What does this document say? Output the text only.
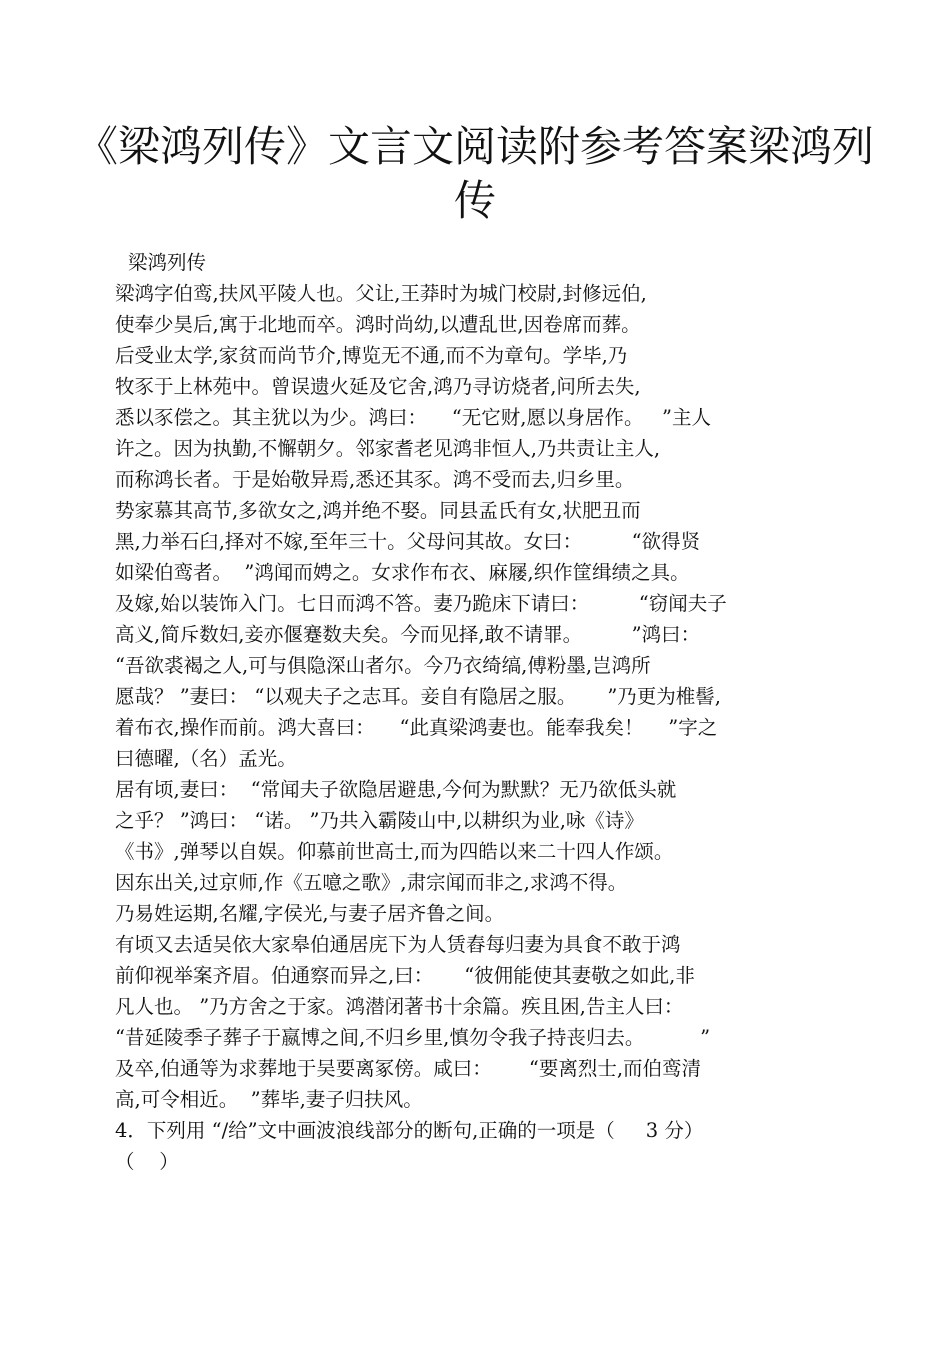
《梁鸿列传》文言文阅读附参考答案梁鸿列
传
梁鸿列传
梁鸿字伯鸾,扶风平陵人也。父让,王莽时为城门校尉,封修远伯,
使奉少昊后,寓于北地而卒。鸿时尚幼,以遭乱世,因卷席而葬。
后受业太学,家贫而尚节介,博览无不通,而不为章句。学毕,乃
牧豕于上林苑中。曾误遗火延及它舍,鸿乃寻访烧者,问所去失,
悉以豕偿之。其主犹以为少。鸿曰：    “无它财,愿以身居作。   ”主人
许之。因为执勤,不懈朝夕。邻家耆老见鸿非恒人,乃共责让主人,
而称鸿长者。于是始敬异焉,悉还其豕。鸿不受而去,归乡里。
势家慕其高节,多欲女之,鸿并绝不娶。同县孟氏有女,状肥丑而
黑,力举石臼,择对不嫁,至年三十。父母问其故。女曰：        “欲得贤
如梁伯鸾者。  ”鸿闻而娉之。女求作布衣、麻屦,织作筐缉绩之具。
及嫁,始以装饰入门。七日而鸿不答。妻乃跪床下请曰：        “窃闻夫子
高义,简斥数妇,妾亦偃蹇数夫矣。今而见择,敢不请罪。        ”鸿曰：
“吾欲裘褐之人,可与俱隐深山者尔。今乃衣绮缟,傅粉墨,岂鸿所
愿哉？ ”妻曰： “以观夫子之志耳。妾自有隐居之服。     ”乃更为椎髻,
着布衣,操作而前。鸿大喜曰：    “此真梁鸿妻也。能奉我矣！    ”字之
曰德曜,（名）孟光。
居有顷,妻曰：  “常闻夫子欲隐居避患,今何为默默？无乃欲低头就
之乎？ ”鸿曰： “诺。 ”乃共入霸陵山中,以耕织为业,咏《诗》
《书》,弹琴以自娱。仰慕前世高士,而为四皓以来二十四人作颂。
因东出关,过京师,作《五噫之歌》,肃宗闻而非之,求鸿不得。
乃易姓运期,名耀,字侯光,与妻子居齐鲁之间。
有顷又去适吴依大家皋伯通居庑下为人赁舂每归妻为具食不敢于鸿
前仰视举案齐眉。伯通察而异之,曰：     “彼佣能使其妻敬之如此,非
凡人也。 ”乃方舍之于家。鸿潜闭著书十余篇。疾且困,告主人曰：
“昔延陵季子葬子于嬴博之间,不归乡里,慎勿令我子持丧归去。         ”
及卒,伯通等为求葬地于吴要离冢傍。咸曰：      “要离烈士,而伯鸾清
高,可令相近。  ”葬毕,妻子归扶风。
4．下列用 “/给”文中画波浪线部分的断句,正确的一项是（     3 分）
（    ）
